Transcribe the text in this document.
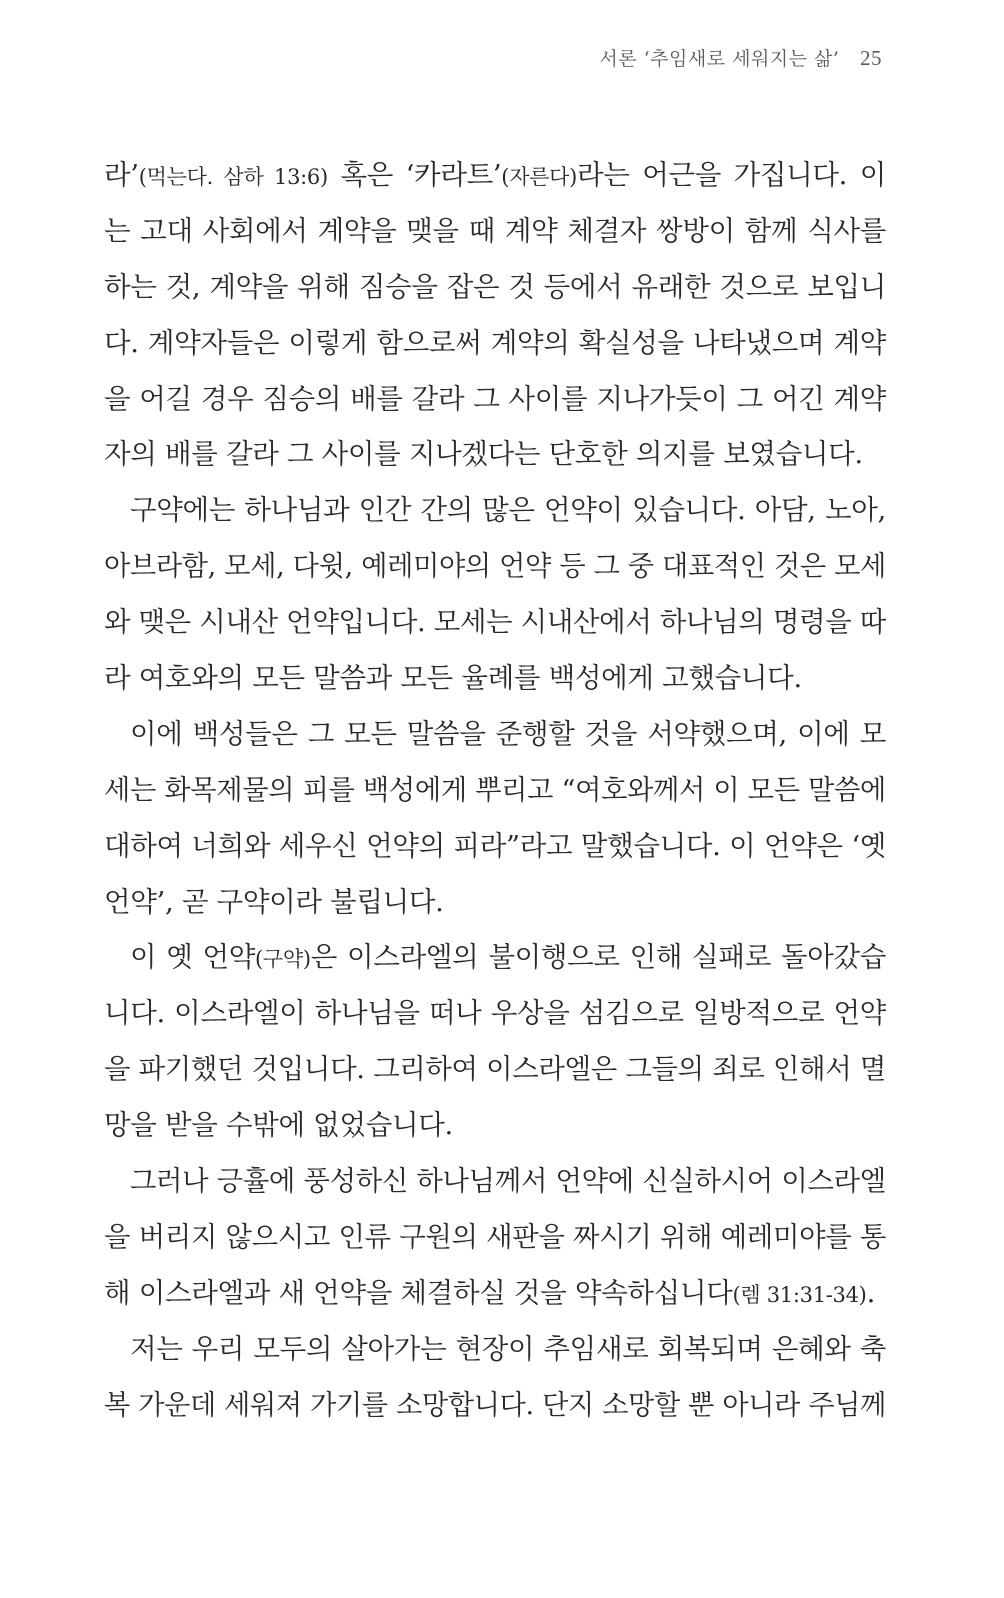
서론 ‘추임새로 세워지는 삶’ 25
라’(먹는다. 삼하 13:6) 혹은 ‘카라트’(자른다)라는 어근을 가집니다. 이
는 고대 사회에서 계약을 맺을 때 계약 체결자 쌍방이 함께 식사를
하는 것, 계약을 위해 짐승을 잡은 것 등에서 유래한 것으로 보입니
다. 계약자들은 이렇게 함으로써 계약의 확실성을 나타냈으며 계약
을 어길 경우 짐승의 배를 갈라 그 사이를 지나가듯이 그 어긴 계약
자의 배를 갈라 그 사이를 지나겠다는 단호한 의지를 보였습니다.
구약에는 하나님과 인간 간의 많은 언약이 있습니다. 아담, 노아,
아브라함, 모세, 다윗, 예레미야의 언약 등 그 중 대표적인 것은 모세
와 맺은 시내산 언약입니다. 모세는 시내산에서 하나님의 명령을 따
라 여호와의 모든 말씀과 모든 율례를 백성에게 고했습니다.
이에 백성들은 그 모든 말씀을 준행할 것을 서약했으며, 이에 모
세는 화목제물의 피를 백성에게 뿌리고 “여호와께서 이 모든 말씀에
대하여 너희와 세우신 언약의 피라”라고 말했습니다. 이 언약은 ‘옛
언약’, 곧 구약이라 불립니다.
이 옛 언약(구약)은 이스라엘의 불이행으로 인해 실패로 돌아갔습
니다. 이스라엘이 하나님을 떠나 우상을 섬김으로 일방적으로 언약
을 파기했던 것입니다. 그리하여 이스라엘은 그들의 죄로 인해서 멸
망을 받을 수밖에 없었습니다.
그러나 긍휼에 풍성하신 하나님께서 언약에 신실하시어 이스라엘
을 버리지 않으시고 인류 구원의 새판을 짜시기 위해 예레미야를 통
해 이스라엘과 새 언약을 체결하실 것을 약속하십니다(렘 31:31-34).
저는 우리 모두의 살아가는 현장이 추임새로 회복되며 은혜와 축
복 가운데 세워져 가기를 소망합니다. 단지 소망할 뿐 아니라 주님께
